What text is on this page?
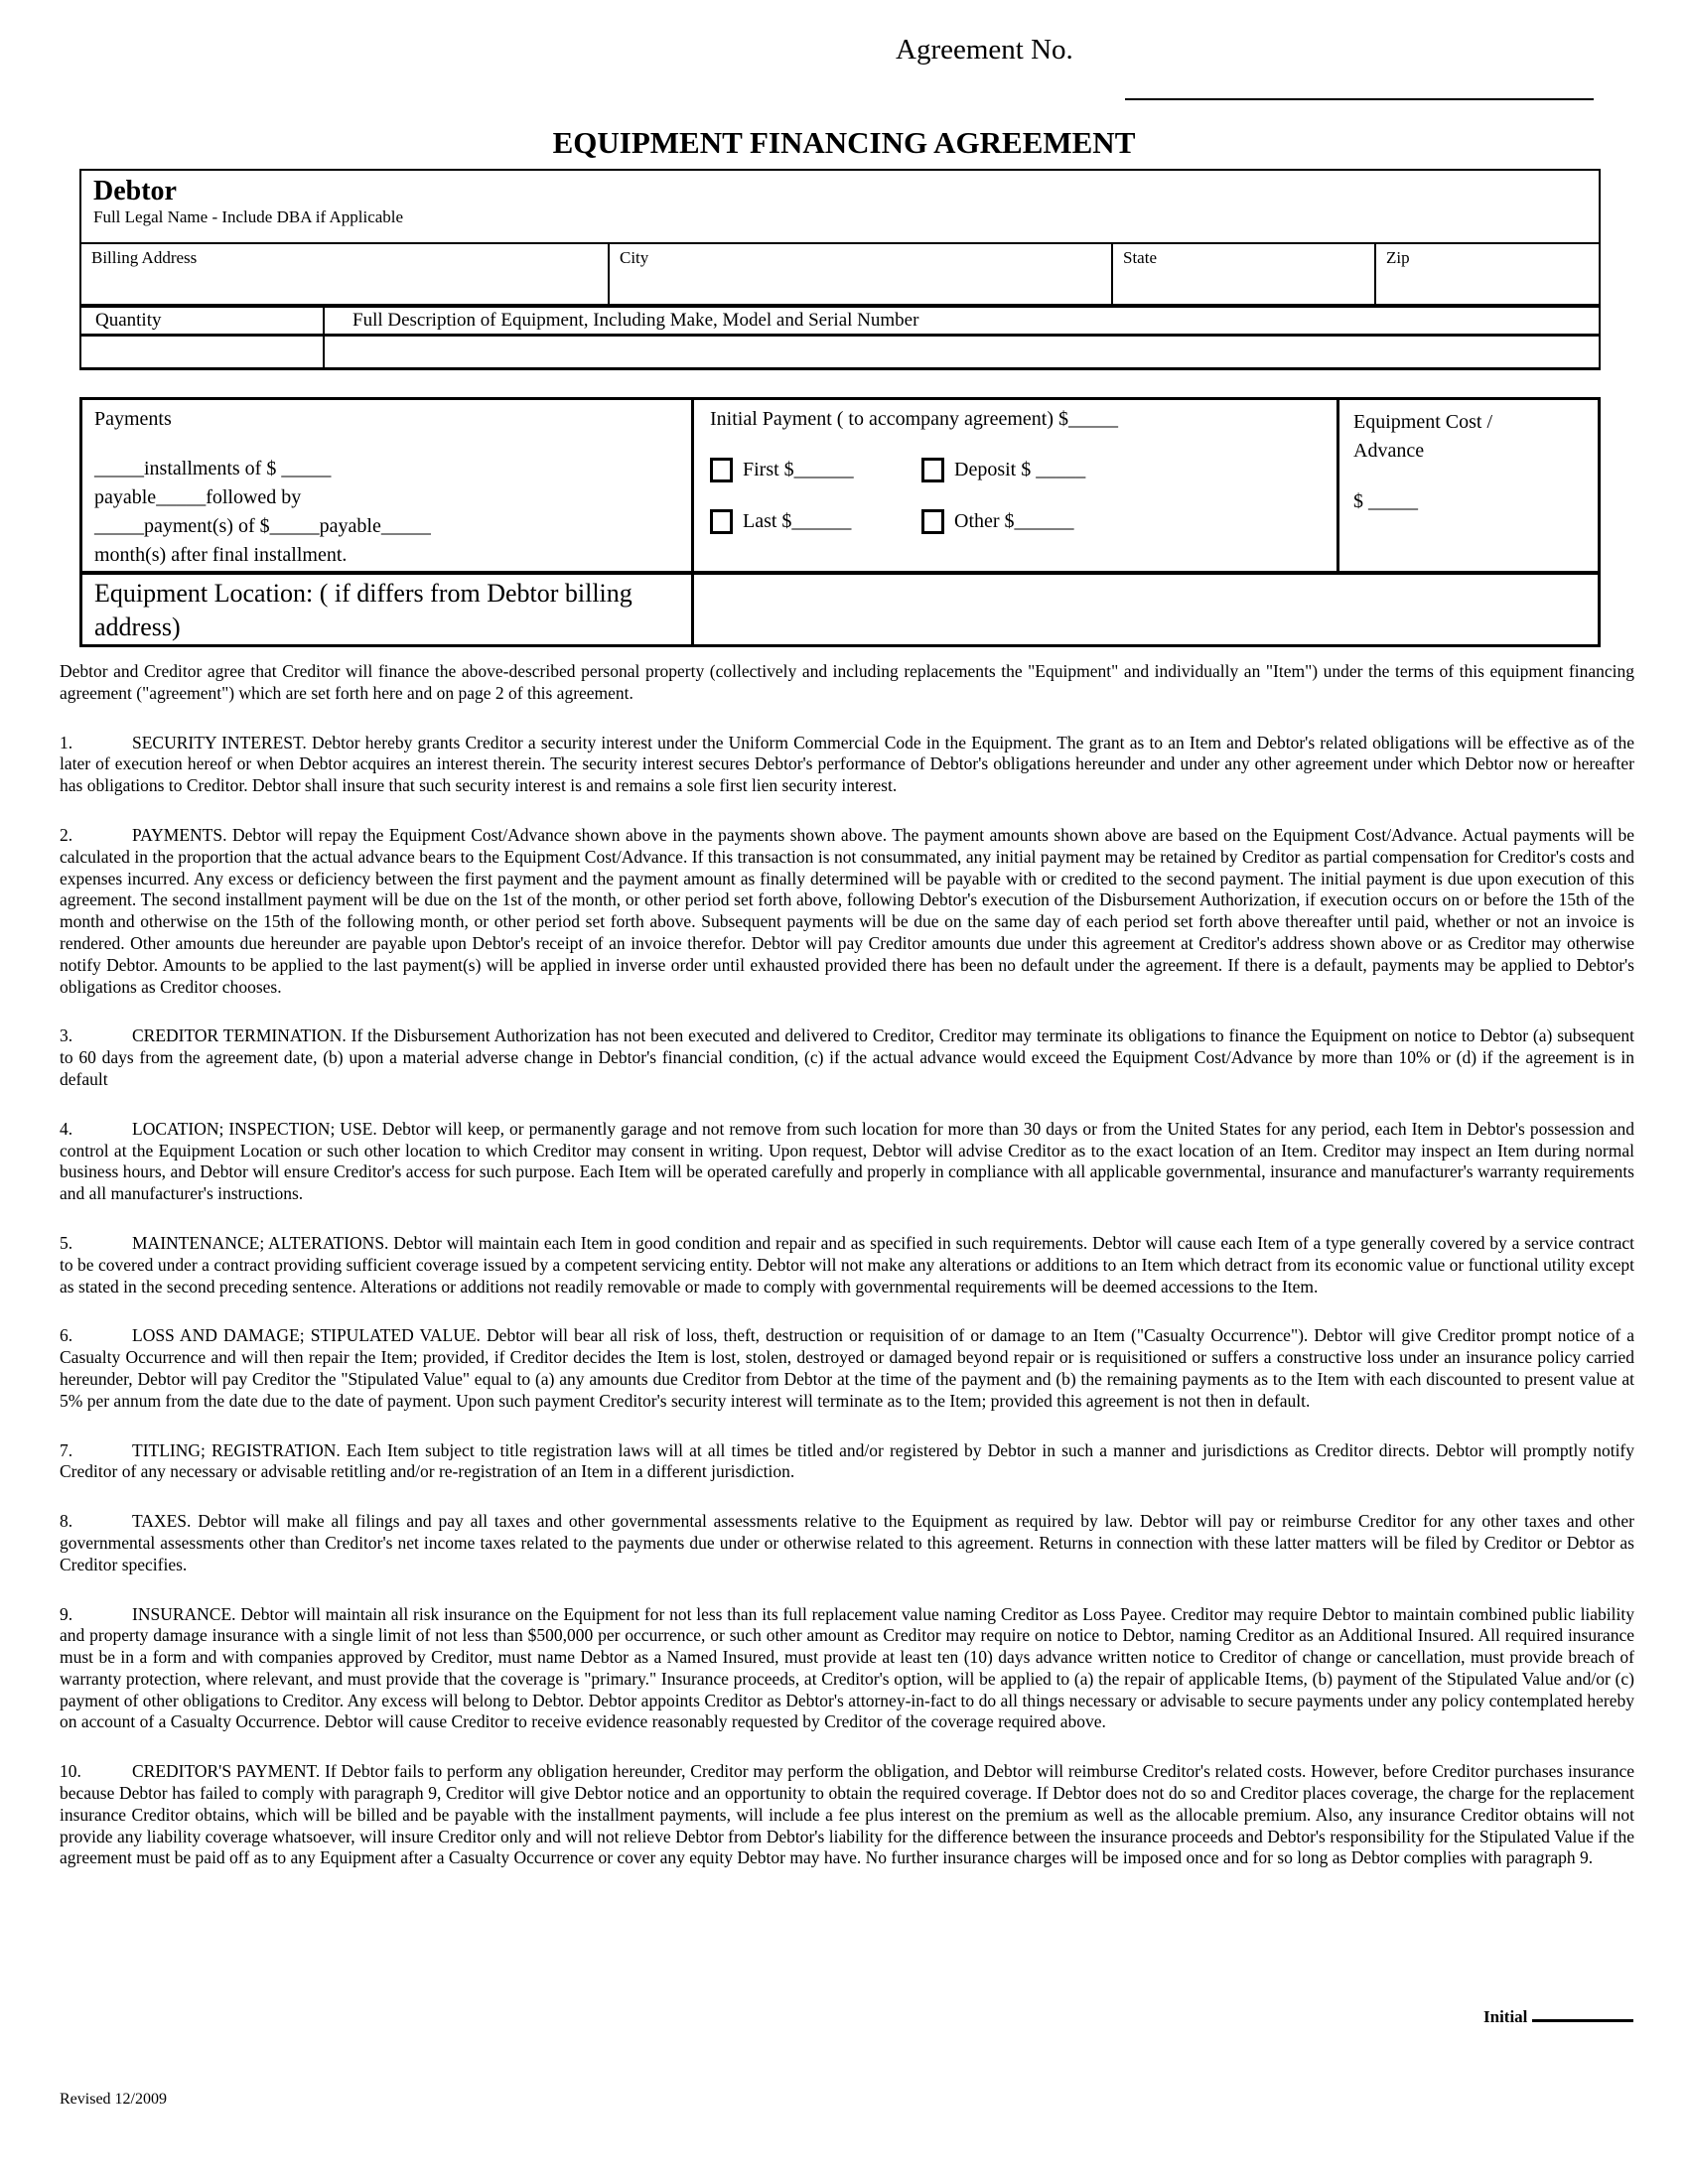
Agreement No.
EQUIPMENT FINANCING AGREEMENT
Debtor
Full Legal Name - Include DBA if Applicable
Billing Address	City	State	Zip
Quantity	Full Description of Equipment, Including Make, Model and Serial Number
Payments
_____installments of $ _____
payable_____followed by
_____payment(s) of $_____payable_____
month(s) after final installment.
Initial Payment ( to accompany agreement) $_____
First $______	Deposit $ _____
Last $______	Other $______
Equipment Cost /
Advance
$ _____
Equipment Location: ( if differs from Debtor billing address)

Debtor and Creditor agree that Creditor will finance the above-described personal property (collectively and including replacements the "Equipment" and individually an "Item") under the terms of this equipment financing agreement ("agreement") which are set forth here and on page 2 of this agreement.

1.	SECURITY INTEREST. Debtor hereby grants Creditor a security interest under the Uniform Commercial Code in the Equipment. The grant as to an Item and Debtor's related obligations will be effective as of the later of execution hereof or when Debtor acquires an interest therein. The security interest secures Debtor's performance of Debtor's obligations hereunder and under any other agreement under which Debtor now or hereafter has obligations to Creditor. Debtor shall insure that such security interest is and remains a sole first lien security interest.

2.	PAYMENTS. Debtor will repay the Equipment Cost/Advance shown above in the payments shown above. The payment amounts shown above are based on the Equipment Cost/Advance. Actual payments will be calculated in the proportion that the actual advance bears to the Equipment Cost/Advance. If this transaction is not consummated, any initial payment may be retained by Creditor as partial compensation for Creditor's costs and expenses incurred. Any excess or deficiency between the first payment and the payment amount as finally determined will be payable with or credited to the second payment. The initial payment is due upon execution of this agreement. The second installment payment will be due on the 1st of the month, or other period set forth above, following Debtor's execution of the Disbursement Authorization, if execution occurs on or before the 15th of the month and otherwise on the 15th of the following month, or other period set forth above. Subsequent payments will be due on the same day of each period set forth above thereafter until paid, whether or not an invoice is rendered. Other amounts due hereunder are payable upon Debtor's receipt of an invoice therefor. Debtor will pay Creditor amounts due under this agreement at Creditor's address shown above or as Creditor may otherwise notify Debtor. Amounts to be applied to the last payment(s) will be applied in inverse order until exhausted provided there has been no default under the agreement. If there is a default, payments may be applied to Debtor's obligations as Creditor chooses.

3.	CREDITOR TERMINATION. If the Disbursement Authorization has not been executed and delivered to Creditor, Creditor may terminate its obligations to finance the Equipment on notice to Debtor (a) subsequent to 60 days from the agreement date, (b) upon a material adverse change in Debtor's financial condition, (c) if the actual advance would exceed the Equipment Cost/Advance by more than 10% or (d) if the agreement is in default

4.	LOCATION; INSPECTION; USE. Debtor will keep, or permanently garage and not remove from such location for more than 30 days or from the United States for any period, each Item in Debtor's possession and control at the Equipment Location or such other location to which Creditor may consent in writing. Upon request, Debtor will advise Creditor as to the exact location of an Item. Creditor may inspect an Item during normal business hours, and Debtor will ensure Creditor's access for such purpose. Each Item will be operated carefully and properly in compliance with all applicable governmental, insurance and manufacturer's warranty requirements and all manufacturer's instructions.

5.	MAINTENANCE; ALTERATIONS. Debtor will maintain each Item in good condition and repair and as specified in such requirements. Debtor will cause each Item of a type generally covered by a service contract to be covered under a contract providing sufficient coverage issued by a competent servicing entity. Debtor will not make any alterations or additions to an Item which detract from its economic value or functional utility except as stated in the second preceding sentence. Alterations or additions not readily removable or made to comply with governmental requirements will be deemed accessions to the Item.

6.	LOSS AND DAMAGE; STIPULATED VALUE. Debtor will bear all risk of loss, theft, destruction or requisition of or damage to an Item ("Casualty Occurrence"). Debtor will give Creditor prompt notice of a Casualty Occurrence and will then repair the Item; provided, if Creditor decides the Item is lost, stolen, destroyed or damaged beyond repair or is requisitioned or suffers a constructive loss under an insurance policy carried hereunder, Debtor will pay Creditor the "Stipulated Value" equal to (a) any amounts due Creditor from Debtor at the time of the payment and (b) the remaining payments as to the Item with each discounted to present value at 5% per annum from the date due to the date of payment. Upon such payment Creditor's security interest will terminate as to the Item; provided this agreement is not then in default.

7.	TITLING; REGISTRATION. Each Item subject to title registration laws will at all times be titled and/or registered by Debtor in such a manner and jurisdictions as Creditor directs. Debtor will promptly notify Creditor of any necessary or advisable retitling and/or re-registration of an Item in a different jurisdiction.

8.	TAXES. Debtor will make all filings and pay all taxes and other governmental assessments relative to the Equipment as required by law. Debtor will pay or reimburse Creditor for any other taxes and other governmental assessments other than Creditor's net income taxes related to the payments due under or otherwise related to this agreement. Returns in connection with these latter matters will be filed by Creditor or Debtor as Creditor specifies.

9.	INSURANCE. Debtor will maintain all risk insurance on the Equipment for not less than its full replacement value naming Creditor as Loss Payee. Creditor may require Debtor to maintain combined public liability and property damage insurance with a single limit of not less than $500,000 per occurrence, or such other amount as Creditor may require on notice to Debtor, naming Creditor as an Additional Insured. All required insurance must be in a form and with companies approved by Creditor, must name Debtor as a Named Insured, must provide at least ten (10) days advance written notice to Creditor of change or cancellation, must provide breach of warranty protection, where relevant, and must provide that the coverage is "primary." Insurance proceeds, at Creditor's option, will be applied to (a) the repair of applicable Items, (b) payment of the Stipulated Value and/or (c) payment of other obligations to Creditor. Any excess will belong to Debtor. Debtor appoints Creditor as Debtor's attorney-in-fact to do all things necessary or advisable to secure payments under any policy contemplated hereby on account of a Casualty Occurrence. Debtor will cause Creditor to receive evidence reasonably requested by Creditor of the coverage required above.

10.	CREDITOR'S PAYMENT. If Debtor fails to perform any obligation hereunder, Creditor may perform the obligation, and Debtor will reimburse Creditor's related costs. However, before Creditor purchases insurance because Debtor has failed to comply with paragraph 9, Creditor will give Debtor notice and an opportunity to obtain the required coverage. If Debtor does not do so and Creditor places coverage, the charge for the replacement insurance Creditor obtains, which will be billed and be payable with the installment payments, will include a fee plus interest on the premium as well as the allocable premium. Also, any insurance Creditor obtains will not provide any liability coverage whatsoever, will insure Creditor only and will not relieve Debtor from Debtor's liability for the difference between the insurance proceeds and Debtor's responsibility for the Stipulated Value if the agreement must be paid off as to any Equipment after a Casualty Occurrence or cover any equity Debtor may have. No further insurance charges will be imposed once and for so long as Debtor complies with paragraph 9.

Initial
Revised 12/2009
